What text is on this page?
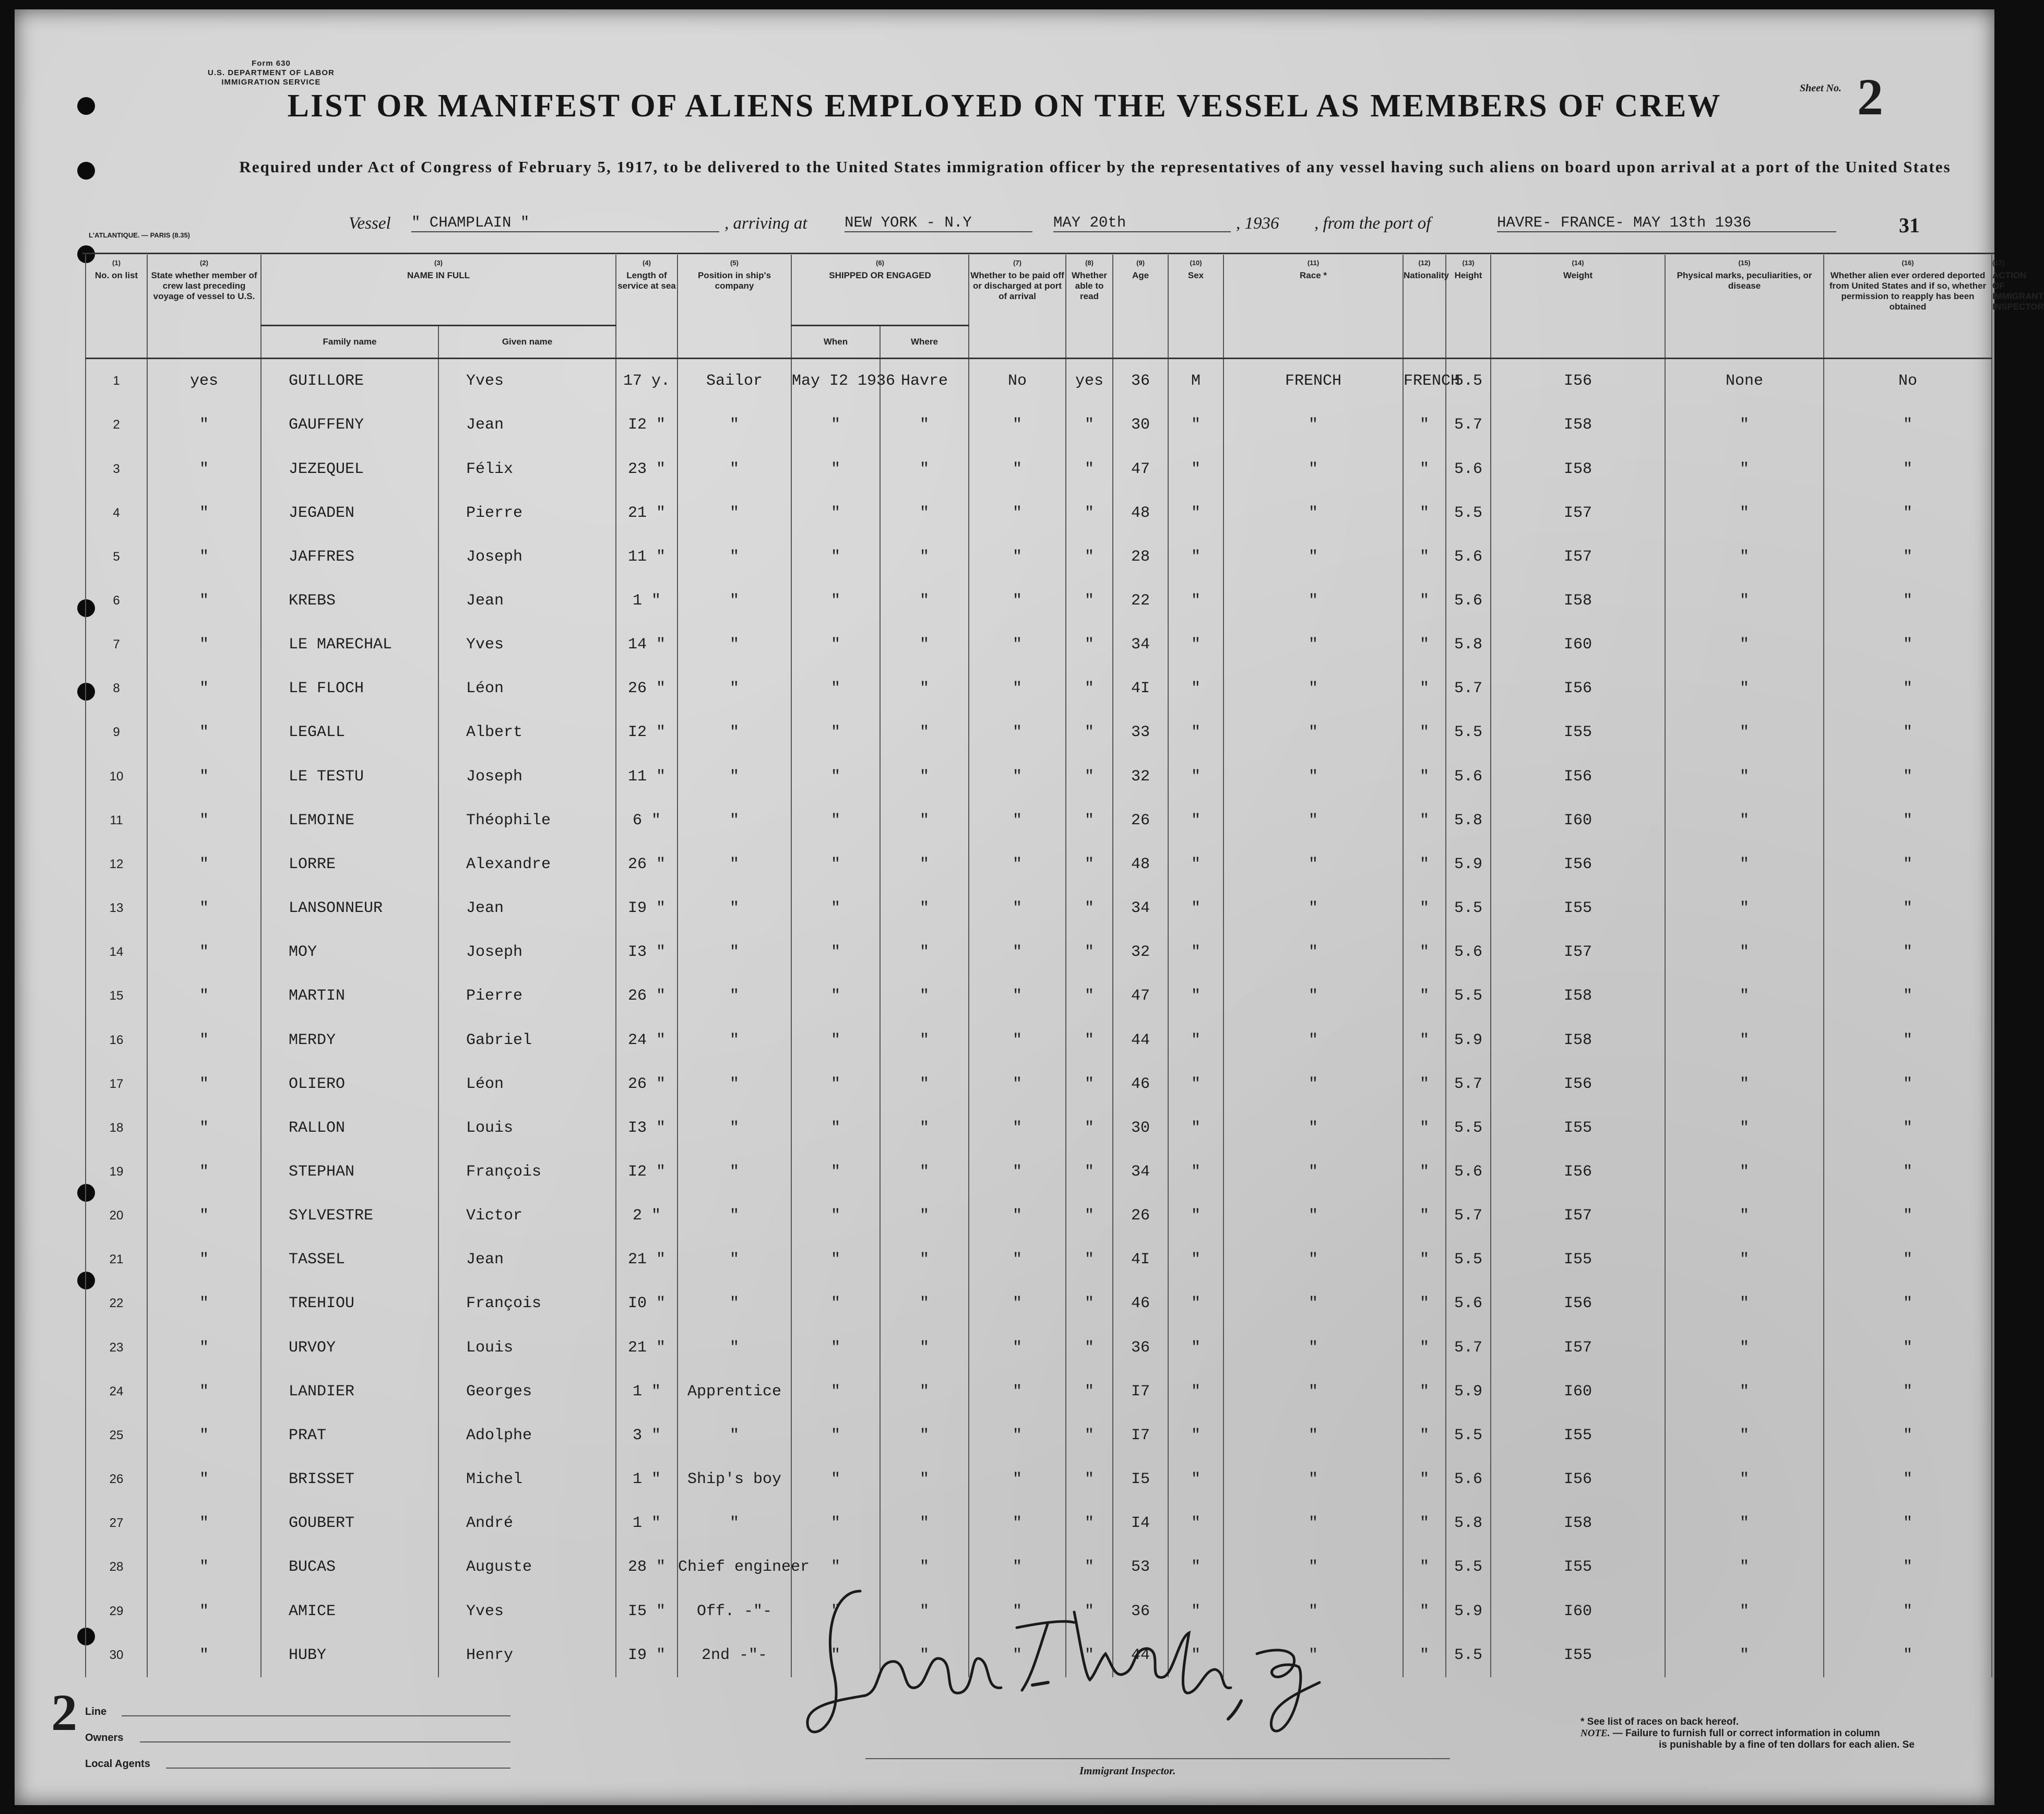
Form 630
U.S. DEPARTMENT OF LABOR
IMMIGRATION SERVICE
LIST OR MANIFEST OF ALIENS EMPLOYED ON THE VESSEL AS MEMBERS OF CREW	Sheet No. 2
Required under Act of Congress of February 5, 1917, to be delivered to the United States immigration officer by the representatives of any vessel having such aliens on board upon arrival at a port of the United States
L'ATLANTIQUE. — PARIS (8.35)
Vessel " CHAMPLAIN "	, arriving at NEW YORK - N.Y	MAY 20th	, 1936 , from the port of	HAVRE- FRANCE- MAY 13th 1936	31
(1)
No. on list	(2)
State whether member of crew last preceding voyage of vessel to U.S.	(3)
NAME IN FULL		(4)
Length of service at sea	(5)
Position in ship's company	(6)
SHIPPED OR ENGAGED		(7)
Whether to be paid off or discharged at port of arrival	(8)
Whether able to read	(9)
Age	(10)
Sex	(11)
Race *	(12)
Nationality	(13)
Height	(14)
Weight	(15)
Physical marks, peculiarities, or disease	(16)
Whether alien ever ordered deported from United States and if so, whether permission to reapply has been obtained	(17)
ACTION OF IMMIGRANT INSPECTOR
		Family name	Given name			When	Where											
1	yes	GUILLORE	Yves	17 y.	Sailor	May I2 1936	Havre	No	yes	36	M	FRENCH	FRENCH	5.5	I56	None	No	
2	"	GAUFFENY	Jean	I2 "	"	"	"	"	"	30	"	"	"	5.7	I58	"	"	
3	"	JEZEQUEL	Félix	23 "	"	"	"	"	"	47	"	"	"	5.6	I58	"	"	
4	"	JEGADEN	Pierre	21 "	"	"	"	"	"	48	"	"	"	5.5	I57	"	"	
5	"	JAFFRES	Joseph	11 "	"	"	"	"	"	28	"	"	"	5.6	I57	"	"	
6	"	KREBS	Jean	1 "	"	"	"	"	"	22	"	"	"	5.6	I58	"	"	
7	"	LE MARECHAL	Yves	14 "	"	"	"	"	"	34	"	"	"	5.8	I60	"	"	
8	"	LE FLOCH	Léon	26 "	"	"	"	"	"	4I	"	"	"	5.7	I56	"	"	
9	"	LEGALL	Albert	I2 "	"	"	"	"	"	33	"	"	"	5.5	I55	"	"	
10	"	LE TESTU	Joseph	11 "	"	"	"	"	"	32	"	"	"	5.6	I56	"	"	
11	"	LEMOINE	Théophile	6 "	"	"	"	"	"	26	"	"	"	5.8	I60	"	"	
12	"	LORRE	Alexandre	26 "	"	"	"	"	"	48	"	"	"	5.9	I56	"	"	
13	"	LANSONNEUR	Jean	I9 "	"	"	"	"	"	34	"	"	"	5.5	I55	"	"	
14	"	MOY	Joseph	I3 "	"	"	"	"	"	32	"	"	"	5.6	I57	"	"	
15	"	MARTIN	Pierre	26 "	"	"	"	"	"	47	"	"	"	5.5	I58	"	"	
16	"	MERDY	Gabriel	24 "	"	"	"	"	"	44	"	"	"	5.9	I58	"	"	
17	"	OLIERO	Léon	26 "	"	"	"	"	"	46	"	"	"	5.7	I56	"	"	
18	"	RALLON	Louis	I3 "	"	"	"	"	"	30	"	"	"	5.5	I55	"	"	
19	"	STEPHAN	François	I2 "	"	"	"	"	"	34	"	"	"	5.6	I56	"	"	
20	"	SYLVESTRE	Victor	2 "	"	"	"	"	"	26	"	"	"	5.7	I57	"	"	
21	"	TASSEL	Jean	21 "	"	"	"	"	"	4I	"	"	"	5.5	I55	"	"	
22	"	TREHIOU	François	I0 "	"	"	"	"	"	46	"	"	"	5.6	I56	"	"	
23	"	URVOY	Louis	21 "	"	"	"	"	"	36	"	"	"	5.7	I57	"	"	
24	"	LANDIER	Georges	1 "	Apprentice	"	"	"	"	I7	"	"	"	5.9	I60	"	"	
25	"	PRAT	Adolphe	3 "	"	"	"	"	"	I7	"	"	"	5.5	I55	"	"	
26	"	BRISSET	Michel	1 "	Ship's boy	"	"	"	"	I5	"	"	"	5.6	I56	"	"	
27	"	GOUBERT	André	1 "	"	"	"	"	"	I4	"	"	"	5.8	I58	"	"	
28	"	BUCAS	Auguste	28 "	Chief engineer	"	"	"	"	53	"	"	"	5.5	I55	"	"	
29	"	AMICE	Yves	I5 "	Off. -"-	"	"	"	"	36	"	"	"	5.9	I60	"	"	
30	"	HUBY	Henry	I9 "	2nd -"-	"	"	"	"	44	"	"	"	5.5	I55	"	"	
2 Line
Owners
Local Agents
Immigrant Inspector.
* See list of races on back hereof.
NOTE. — Failure to furnish full or correct information in column
is punishable by a fine of ten dollars for each alien. Se
